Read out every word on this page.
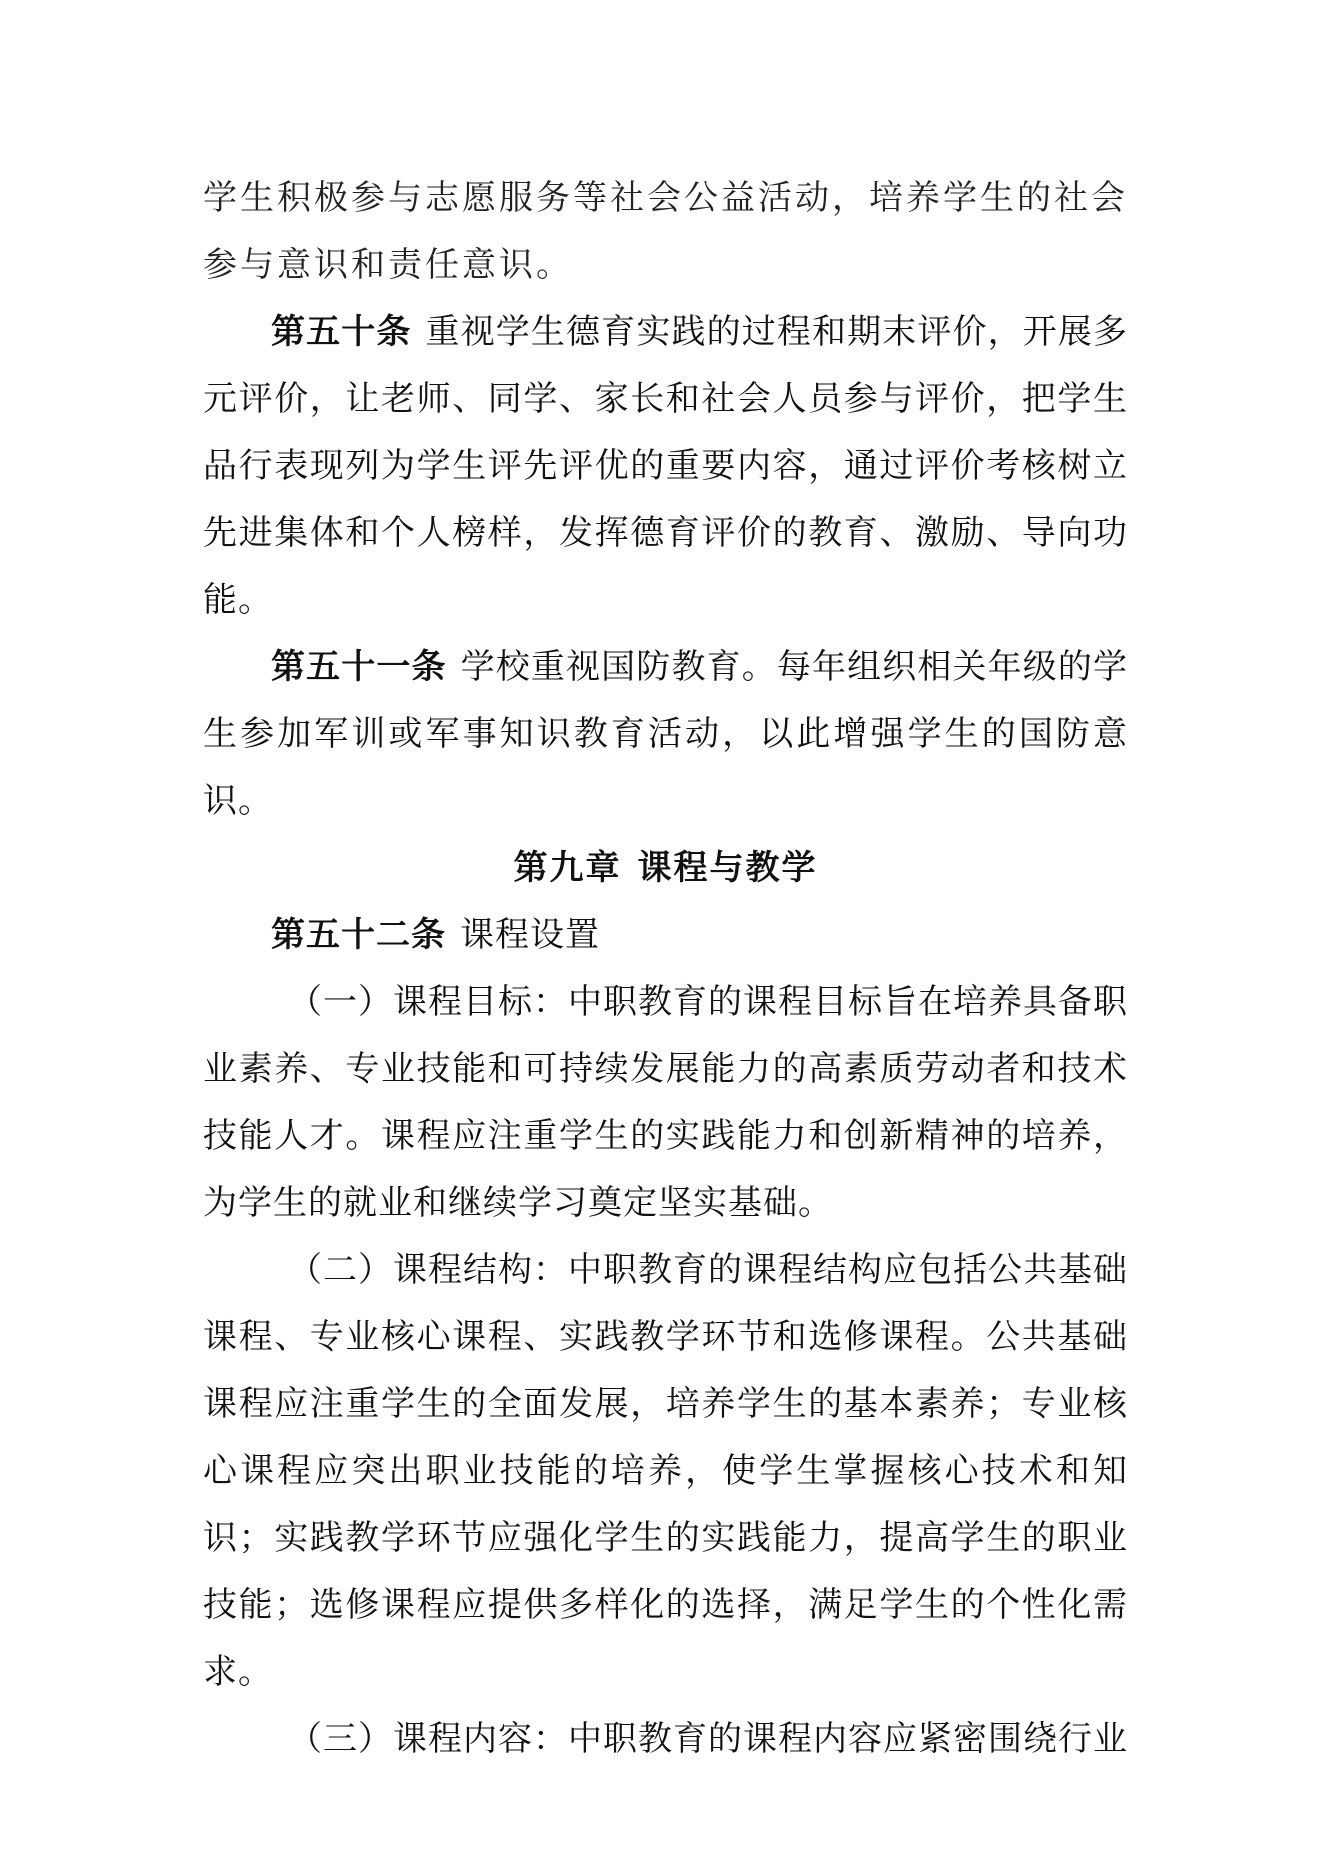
学生积极参与志愿服务等社会公益活动，培养学生的社会参与意识和责任意识。

第五十条 重视学生德育实践的过程和期末评价，开展多元评价，让老师、同学、家长和社会人员参与评价，把学生品行表现列为学生评先评优的重要内容，通过评价考核树立先进集体和个人榜样，发挥德育评价的教育、激励、导向功能。

第五十一条 学校重视国防教育。每年组织相关年级的学生参加军训或军事知识教育活动，以此增强学生的国防意识。

第九章 课程与教学

第五十二条 课程设置

（一）课程目标：中职教育的课程目标旨在培养具备职业素养、专业技能和可持续发展能力的高素质劳动者和技术技能人才。课程应注重学生的实践能力和创新精神的培养，为学生的就业和继续学习奠定坚实基础。

（二）课程结构：中职教育的课程结构应包括公共基础课程、专业核心课程、实践教学环节和选修课程。公共基础课程应注重学生的全面发展，培养学生的基本素养；专业核心课程应突出职业技能的培养，使学生掌握核心技术和知识；实践教学环节应强化学生的实践能力，提高学生的职业技能；选修课程应提供多样化的选择，满足学生的个性化需求。

（三）课程内容：中职教育的课程内容应紧密围绕行业
